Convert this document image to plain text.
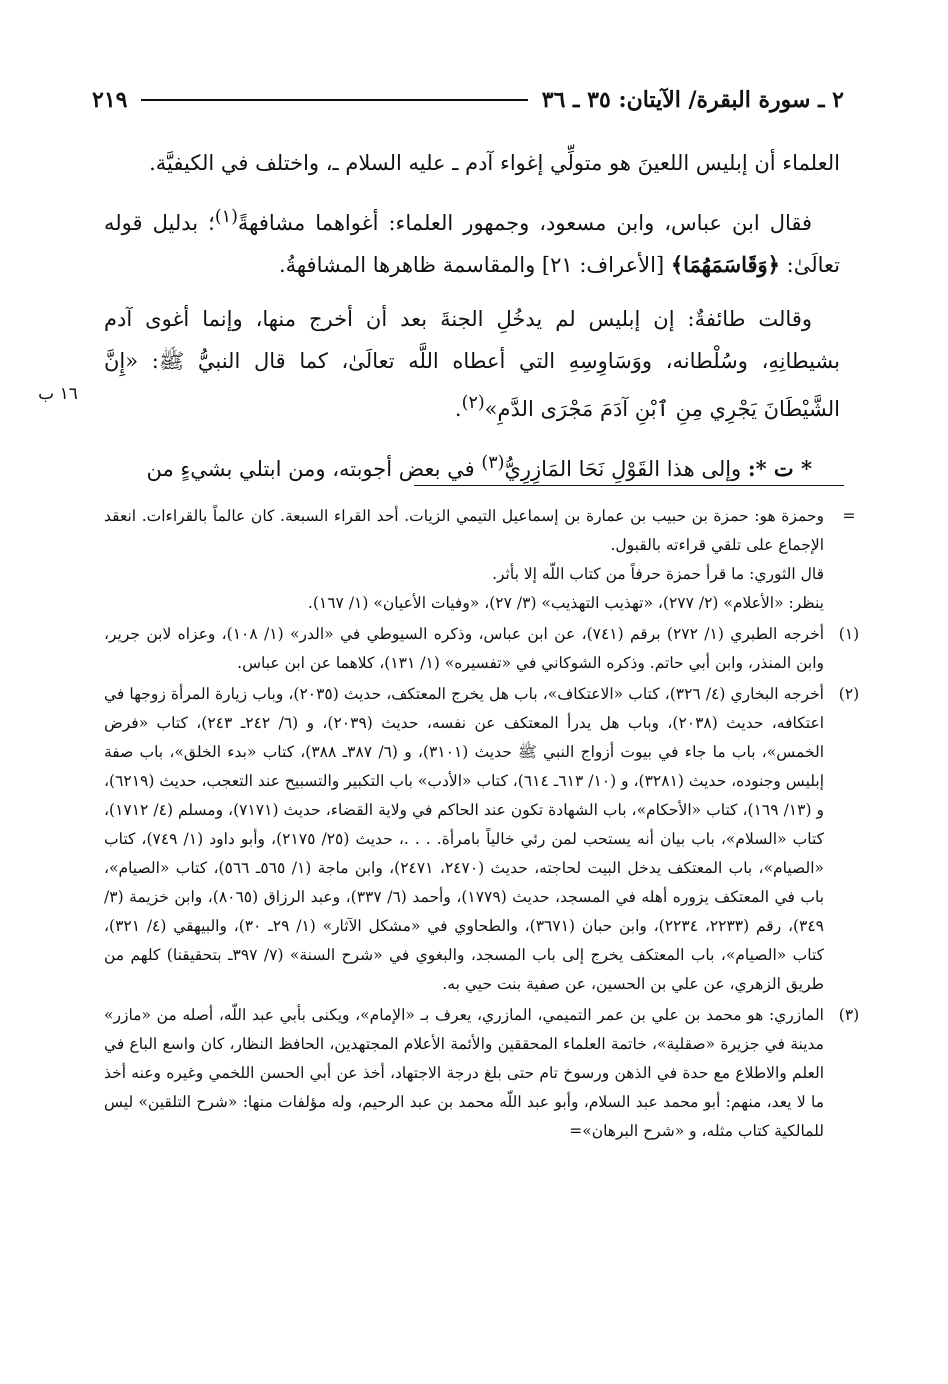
٢ ـ سورة البقرة/ الآيتان: ٣٥ ـ ٣٦
٢١٩

العلماء أن إبليس اللعينَ هو متولِّي إغواء آدم ـ عليه السلام ـ، واختلف في الكيفيَّة.

فقال ابن عباس، وابن مسعود، وجمهور العلماء: أغواهما مشافهةً$^{(١)}$؛ بدليل قوله تعالَىٰ: ﴿وَقَاسَمَهُمَا﴾ [الأعراف: ٢١] والمقاسمة ظاهرها المشافهةُ.

وقالت طائفةٌ: إن إبليس لم يدخُلِ الجنةَ بعد أن أخرج منها، وإنما أغوى آدم بشيطانِهِ، وسُلْطانه، ووَسَاوِسِهِ التي أعطاه اللَّه تعالَىٰ، كما قال النبيُّ ﷺ: «إِنَّ الشَّيْطَانَ يَجْرِي مِنِ ٱبْنِ آدَمَ مَجْرَى الدَّمِ»$^{(٢)}$.

* ت *: وإلى هذا القَوْلِ نَحَا المَازِرِيُّ$^{(٣)}$ في بعض أجوبته، ومن ابتلي بشيءٍ من

١٦ ب
=

وحمزة هو: حمزة بن حبيب بن عمارة بن إسماعيل التيمي الزيات. أحد القراء السبعة. كان عالماً بالقراءات. انعقد الإجماع على تلقي قراءته بالقبول.

قال الثوري: ما قرأ حمزة حرفاً من كتاب اللّه إلا بأثر.

ينظر: «الأعلام» (٢/ ٢٧٧)، «تهذيب التهذيب» (٣/ ٢٧)، «وفيات الأعيان» (١/ ١٦٧).

(١)

أخرجه الطبري (١/ ٢٧٢) برقم (٧٤١)، عن ابن عباس، وذكره السيوطي في «الدر» (١/ ١٠٨)، وعزاه لابن جرير، وابن المنذر، وابن أبي حاتم. وذكره الشوكاني في «تفسيره» (١/ ١٣١)، كلاهما عن ابن عباس.

(٢)

أخرجه البخاري (٤/ ٣٢٦)، كتاب «الاعتكاف»، باب هل يخرج المعتكف، حديث (٢٠٣٥)، وباب زيارة المرأة زوجها في اعتكافه، حديث (٢٠٣٨)، وباب هل يدرأ المعتكف عن نفسه، حديث (٢٠٣٩)، و (٦/ ٢٤٢ـ ٢٤٣)، كتاب «فرض الخمس»، باب ما جاء في بيوت أزواج النبي ﷺ حديث (٣١٠١)، و (٦/ ٣٨٧ـ ٣٨٨)، كتاب «بدء الخلق»، باب صفة إبليس وجنوده، حديث (٣٢٨١)، و (١٠/ ٦١٣ـ ٦١٤)، كتاب «الأدب» باب التكبير والتسبيح عند التعجب، حديث (٦٢١٩)، و (١٣/ ١٦٩)، كتاب «الأحكام»، باب الشهادة تكون عند الحاكم في ولاية القضاء، حديث (٧١٧١)، ومسلم (٤/ ١٧١٢)، كتاب «السلام»، باب بيان أنه يستحب لمن رئي خالياً بامرأة. . . .، حديث (٢٥/ ٢١٧٥)، وأبو داود (١/ ٧٤٩)، كتاب «الصيام»، باب المعتكف يدخل البيت لحاجته، حديث (٢٤٧٠، ٢٤٧١)، وابن ماجة (١/ ٥٦٥ـ ٥٦٦)، كتاب «الصيام»، باب في المعتكف يزوره أهله في المسجد، حديث (١٧٧٩)، وأحمد (٦/ ٣٣٧)، وعبد الرزاق (٨٠٦٥)، وابن خزيمة (٣/ ٣٤٩)، رقم (٢٢٣٣، ٢٢٣٤)، وابن حبان (٣٦٧١)، والطحاوي في «مشكل الآثار» (١/ ٢٩ـ ٣٠)، والبيهقي (٤/ ٣٢١)، كتاب «الصيام»، باب المعتكف يخرج إلى باب المسجد، والبغوي في «شرح السنة» (٧/ ٣٩٧ـ بتحقيقنا) كلهم من طريق الزهري، عن علي بن الحسين، عن صفية بنت حيي به.

(٣)

المازري: هو محمد بن علي بن عمر التميمي، المازري، يعرف بـ «الإمام»، ويكنى بأبي عبد اللّه، أصله من «مازر» مدينة في جزيرة «صقلية»، خاتمة العلماء المحققين والأئمة الأعلام المجتهدين، الحافظ النظار، كان واسع الباع في العلم والاطلاع مع حدة في الذهن ورسوخ تام حتى بلغ درجة الاجتهاد، أخذ عن أبي الحسن اللخمي وغيره وعنه أخذ ما لا يعد، منهم: أبو محمد عبد السلام، وأبو عبد اللّه محمد بن عبد الرحيم، وله مؤلفات منها: «شرح التلقين» ليس للمالكية كتاب مثله، و «شرح البرهان»=
